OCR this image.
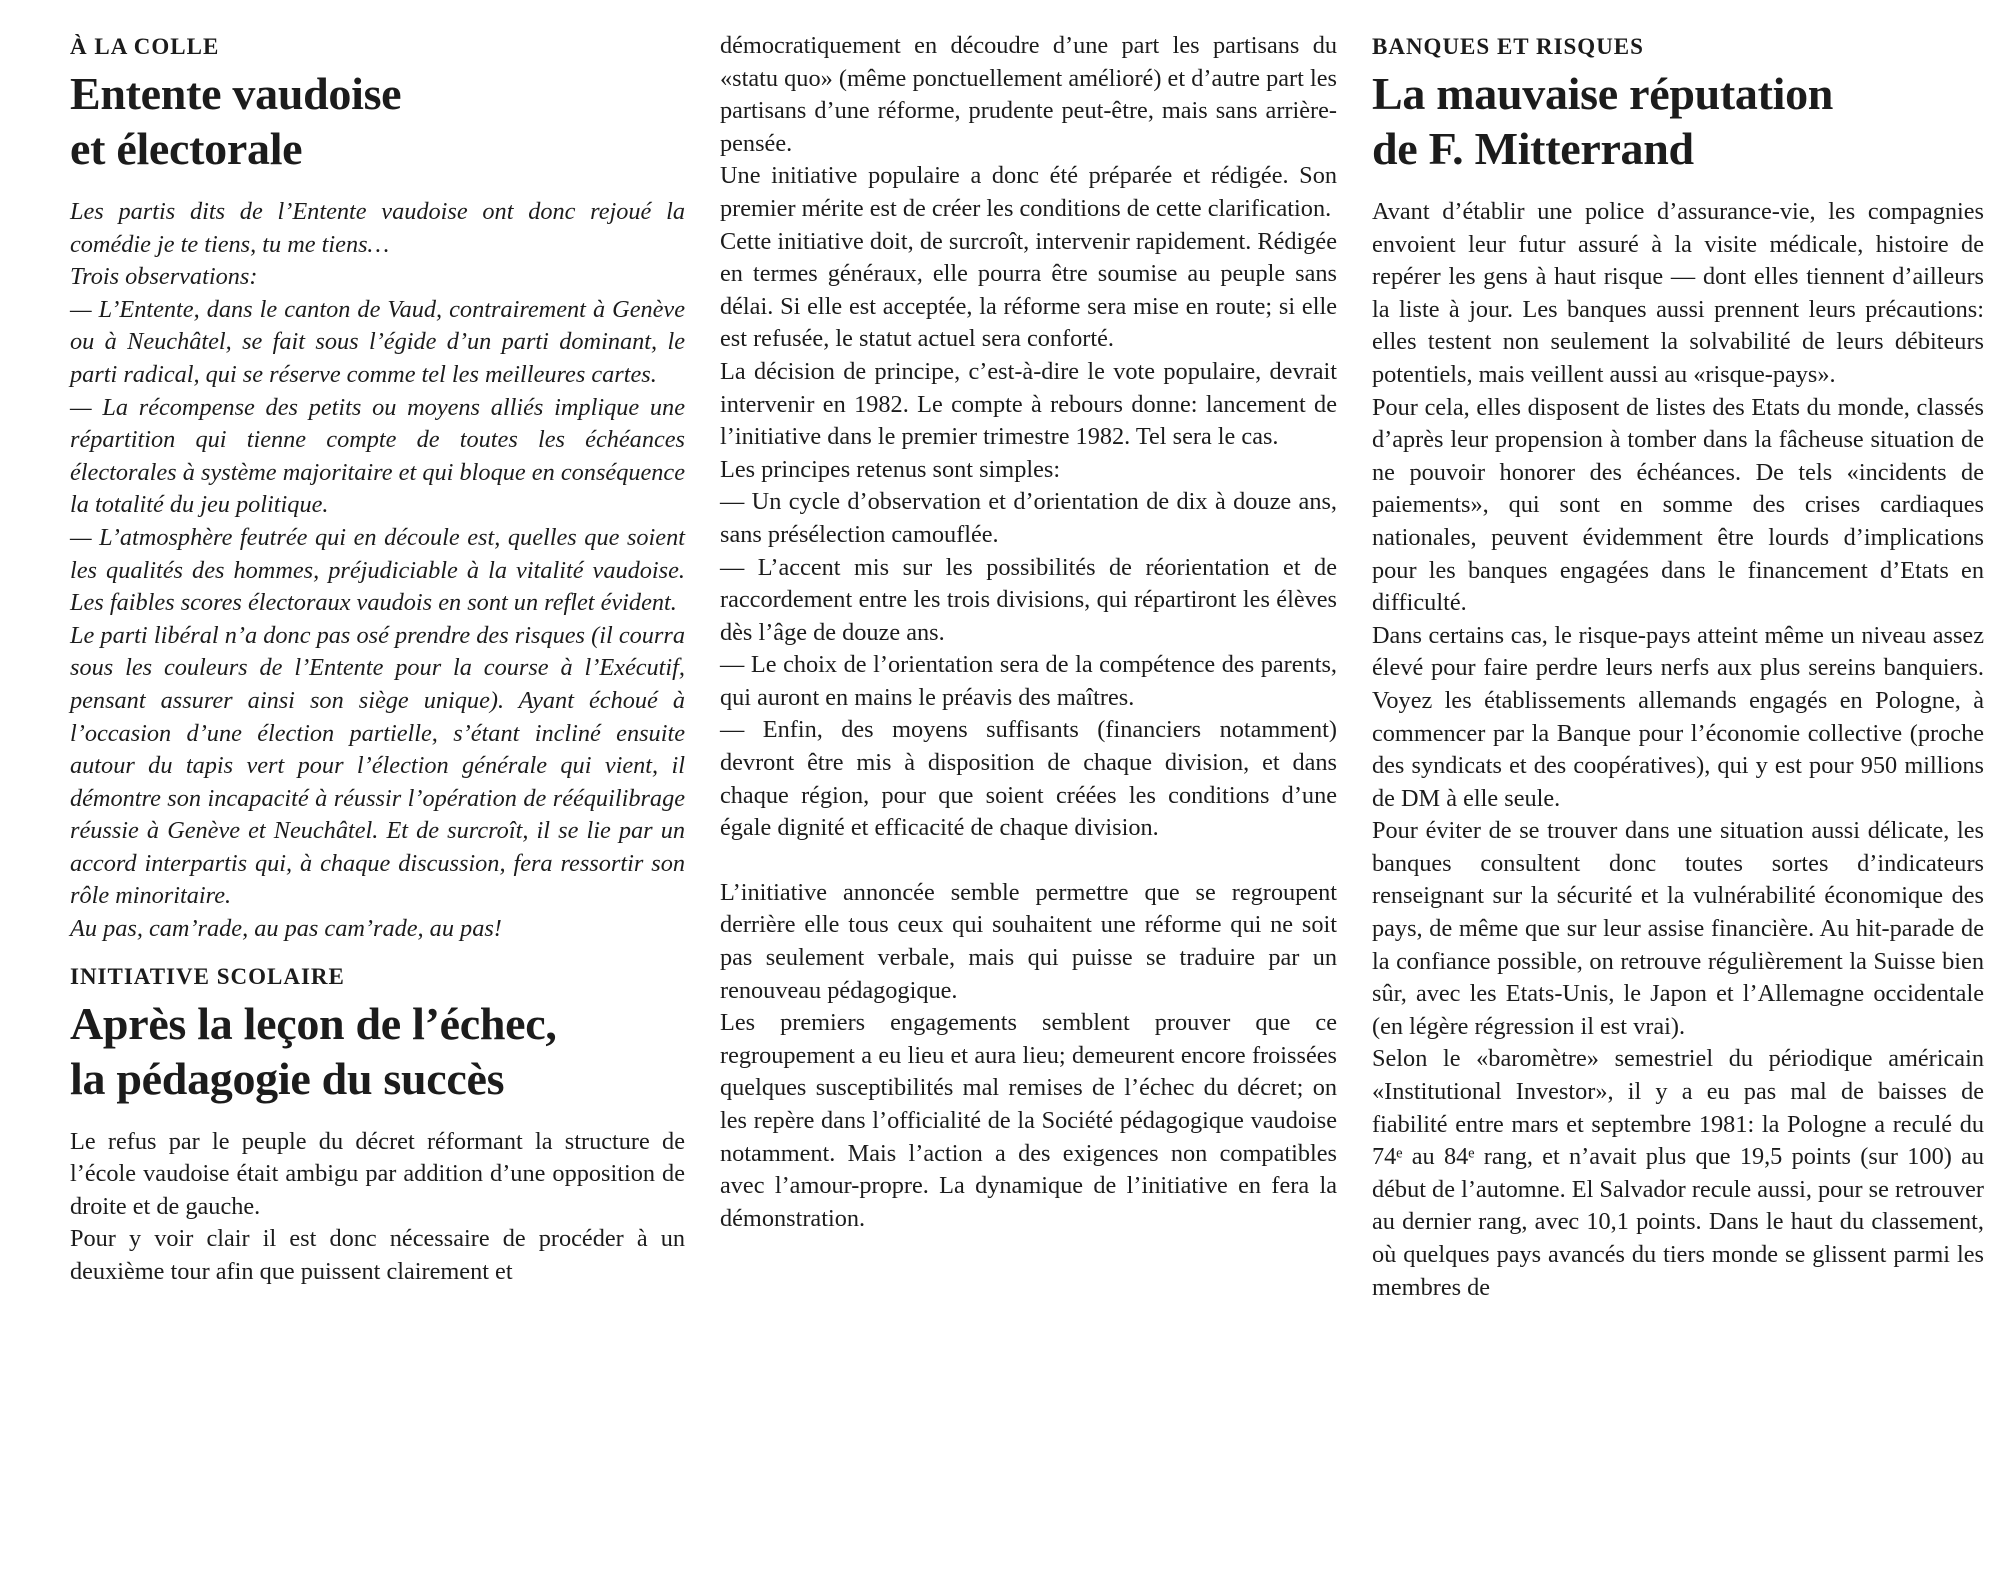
À LA COLLE
Entente vaudoise
et électorale

Les partis dits de l’Entente vaudoise ont donc rejoué la comédie je te tiens, tu me tiens…

Trois observations:

— L’Entente, dans le canton de Vaud, contrairement à Genève ou à Neuchâtel, se fait sous l’égide d’un parti dominant, le parti radical, qui se réserve comme tel les meilleures cartes.

— La récompense des petits ou moyens alliés implique une répartition qui tienne compte de toutes les échéances électorales à système majoritaire et qui bloque en conséquence la totalité du jeu politique.

— L’atmosphère feutrée qui en découle est, quelles que soient les qualités des hommes, préjudiciable à la vitalité vaudoise. Les faibles scores électoraux vaudois en sont un reflet évident.

Le parti libéral n’a donc pas osé prendre des risques (il courra sous les couleurs de l’Entente pour la course à l’Exécutif, pensant assurer ainsi son siège unique). Ayant échoué à l’occasion d’une élection partielle, s’étant incliné ensuite autour du tapis vert pour l’élection générale qui vient, il démontre son incapacité à réussir l’opération de rééquilibrage réussie à Genève et Neuchâtel. Et de surcroît, il se lie par un accord interpartis qui, à chaque discussion, fera ressortir son rôle minoritaire.

Au pas, cam’rade, au pas cam’rade, au pas!

INITIATIVE SCOLAIRE
Après la leçon de l’échec,
la pédagogie du succès

Le refus par le peuple du décret réformant la structure de l’école vaudoise était ambigu par addition d’une opposition de droite et de gauche.

Pour y voir clair il est donc nécessaire de procéder à un deuxième tour afin que puissent clairement et

démocratiquement en découdre d’une part les partisans du «statu quo» (même ponctuellement amélioré) et d’autre part les partisans d’une réforme, prudente peut-être, mais sans arrière-pensée.

Une initiative populaire a donc été préparée et rédigée. Son premier mérite est de créer les conditions de cette clarification.

Cette initiative doit, de surcroît, intervenir rapidement. Rédigée en termes généraux, elle pourra être soumise au peuple sans délai. Si elle est acceptée, la réforme sera mise en route; si elle est refusée, le statut actuel sera conforté.

La décision de principe, c’est-à-dire le vote populaire, devrait intervenir en 1982. Le compte à rebours donne: lancement de l’initiative dans le premier trimestre 1982. Tel sera le cas.

Les principes retenus sont simples:

— Un cycle d’observation et d’orientation de dix à douze ans, sans présélection camouflée.

— L’accent mis sur les possibilités de réorientation et de raccordement entre les trois divisions, qui répartiront les élèves dès l’âge de douze ans.

— Le choix de l’orientation sera de la compétence des parents, qui auront en mains le préavis des maîtres.

— Enfin, des moyens suffisants (financiers notamment) devront être mis à disposition de chaque division, et dans chaque région, pour que soient créées les conditions d’une égale dignité et efficacité de chaque division.

L’initiative annoncée semble permettre que se regroupent derrière elle tous ceux qui souhaitent une réforme qui ne soit pas seulement verbale, mais qui puisse se traduire par un renouveau pédagogique.

Les premiers engagements semblent prouver que ce regroupement a eu lieu et aura lieu; demeurent encore froissées quelques susceptibilités mal remises de l’échec du décret; on les repère dans l’officialité de la Société pédagogique vaudoise notamment. Mais l’action a des exigences non compatibles avec l’amour-propre. La dynamique de l’initiative en fera la démonstration.

BANQUES ET RISQUES
La mauvaise réputation
de F. Mitterrand

Avant d’établir une police d’assurance-vie, les compagnies envoient leur futur assuré à la visite médicale, histoire de repérer les gens à haut risque — dont elles tiennent d’ailleurs la liste à jour. Les banques aussi prennent leurs précautions: elles testent non seulement la solvabilité de leurs débiteurs potentiels, mais veillent aussi au «risque-pays».

Pour cela, elles disposent de listes des Etats du monde, classés d’après leur propension à tomber dans la fâcheuse situation de ne pouvoir honorer des échéances. De tels «incidents de paiements», qui sont en somme des crises cardiaques nationales, peuvent évidemment être lourds d’implications pour les banques engagées dans le financement d’Etats en difficulté.

Dans certains cas, le risque-pays atteint même un niveau assez élevé pour faire perdre leurs nerfs aux plus sereins banquiers. Voyez les établissements allemands engagés en Pologne, à commencer par la Banque pour l’économie collective (proche des syndicats et des coopératives), qui y est pour 950 millions de DM à elle seule.

Pour éviter de se trouver dans une situation aussi délicate, les banques consultent donc toutes sortes d’indicateurs renseignant sur la sécurité et la vulnérabilité économique des pays, de même que sur leur assise financière. Au hit-parade de la confiance possible, on retrouve régulièrement la Suisse bien sûr, avec les Etats-Unis, le Japon et l’Allemagne occidentale (en légère régression il est vrai).

Selon le «baromètre» semestriel du périodique américain «Institutional Investor», il y a eu pas mal de baisses de fiabilité entre mars et septembre 1981: la Pologne a reculé du 74ᵉ au 84ᵉ rang, et n’avait plus que 19,5 points (sur 100) au début de l’automne. El Salvador recule aussi, pour se retrouver au dernier rang, avec 10,1 points. Dans le haut du classement, où quelques pays avancés du tiers monde se glissent parmi les membres de
